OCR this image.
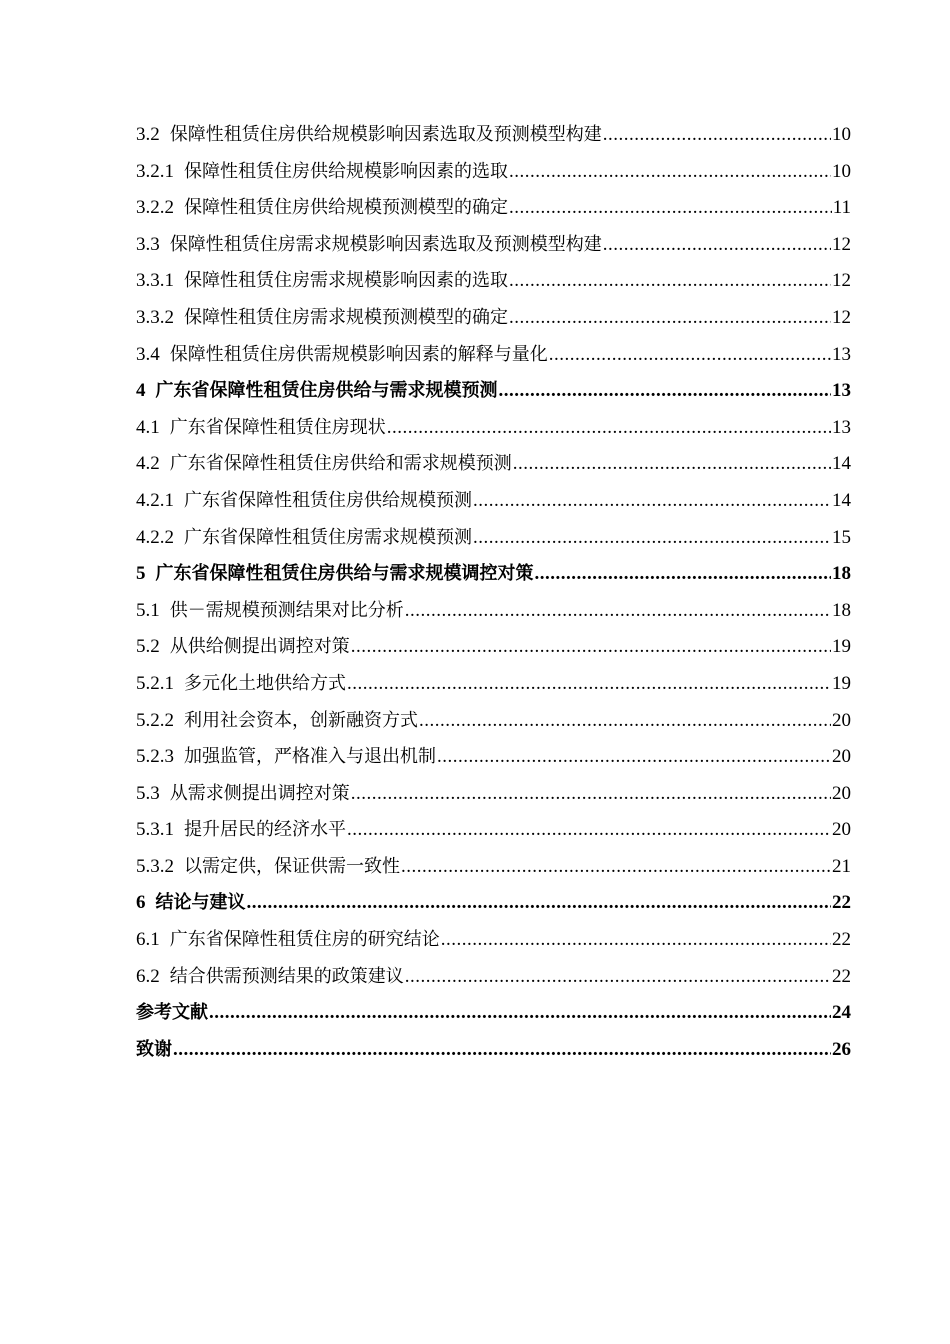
3.2 保障性租赁住房供给规模影响因素选取及预测模型构建 .....	10
3.2.1 保障性租赁住房供给规模影响因素的选取 .....	10
3.2.2 保障性租赁住房供给规模预测模型的确定 .....	11
3.3 保障性租赁住房需求规模影响因素选取及预测模型构建 .....	12
3.3.1 保障性租赁住房需求规模影响因素的选取 .....	12
3.3.2 保障性租赁住房需求规模预测模型的确定 .....	12
3.4 保障性租赁住房供需规模影响因素的解释与量化 .....	13
4 广东省保障性租赁住房供给与需求规模预测 .....	13
4.1 广东省保障性租赁住房现状 .....	13
4.2 广东省保障性租赁住房供给和需求规模预测 .....	14
4.2.1 广东省保障性租赁住房供给规模预测 .....	14
4.2.2 广东省保障性租赁住房需求规模预测 .....	15
5 广东省保障性租赁住房供给与需求规模调控对策 .....	18
5.1 供－需规模预测结果对比分析 .....	18
5.2 从供给侧提出调控对策 .....	19
5.2.1 多元化土地供给方式 .....	19
5.2.2 利用社会资本，创新融资方式 .....	20
5.2.3 加强监管，严格准入与退出机制 .....	20
5.3 从需求侧提出调控对策 .....	20
5.3.1 提升居民的经济水平 .....	20
5.3.2 以需定供，保证供需一致性 .....	21
6 结论与建议 .....	22
6.1 广东省保障性租赁住房的研究结论 .....	22
6.2 结合供需预测结果的政策建议 .....	22
参考文献 .....	24
致谢 .....	26
